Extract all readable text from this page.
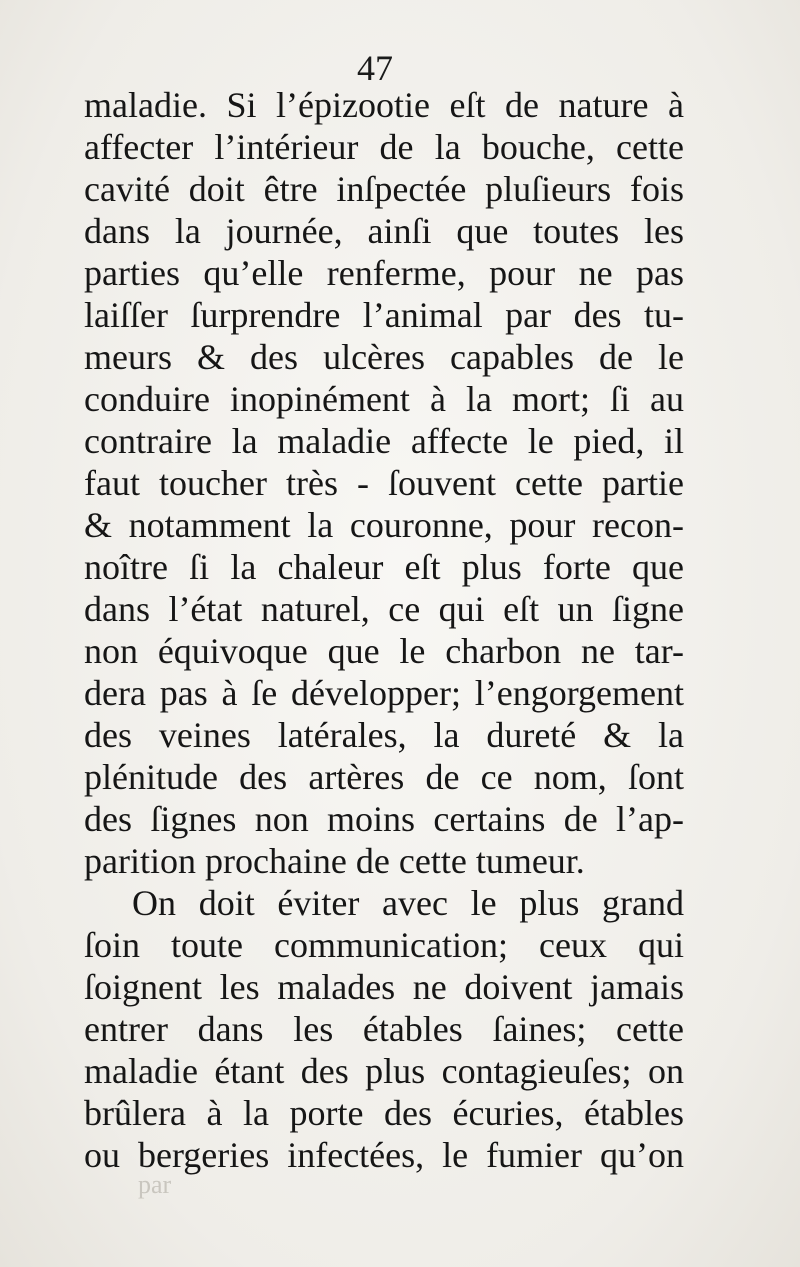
47
maladie. Si l’épizootie eſt de nature à
affecter l’intérieur de la bouche, cette
cavité doit être inſpectée pluſieurs fois
dans la journée, ainſi que toutes les
parties qu’elle renferme, pour ne pas
laiſſer ſurprendre l’animal par des tu-
meurs & des ulcères capables de le
conduire inopinément à la mort; ſi au
contraire la maladie affecte le pied, il
faut toucher très - ſouvent cette partie
& notamment la couronne, pour recon-
noître ſi la chaleur eſt plus forte que
dans l’état naturel, ce qui eſt un ſigne
non équivoque que le charbon ne tar-
dera pas à ſe développer; l’engorgement
des veines latérales, la dureté & la
plénitude des artères de ce nom, ſont
des ſignes non moins certains de l’ap-
parition prochaine de cette tumeur.
On doit éviter avec le plus grand
ſoin toute communication; ceux qui
ſoignent les malades ne doivent jamais
entrer dans les étables ſaines; cette
maladie étant des plus contagieuſes; on
brûlera à la porte des écuries, étables
ou bergeries infectées, le fumier qu’on
par
